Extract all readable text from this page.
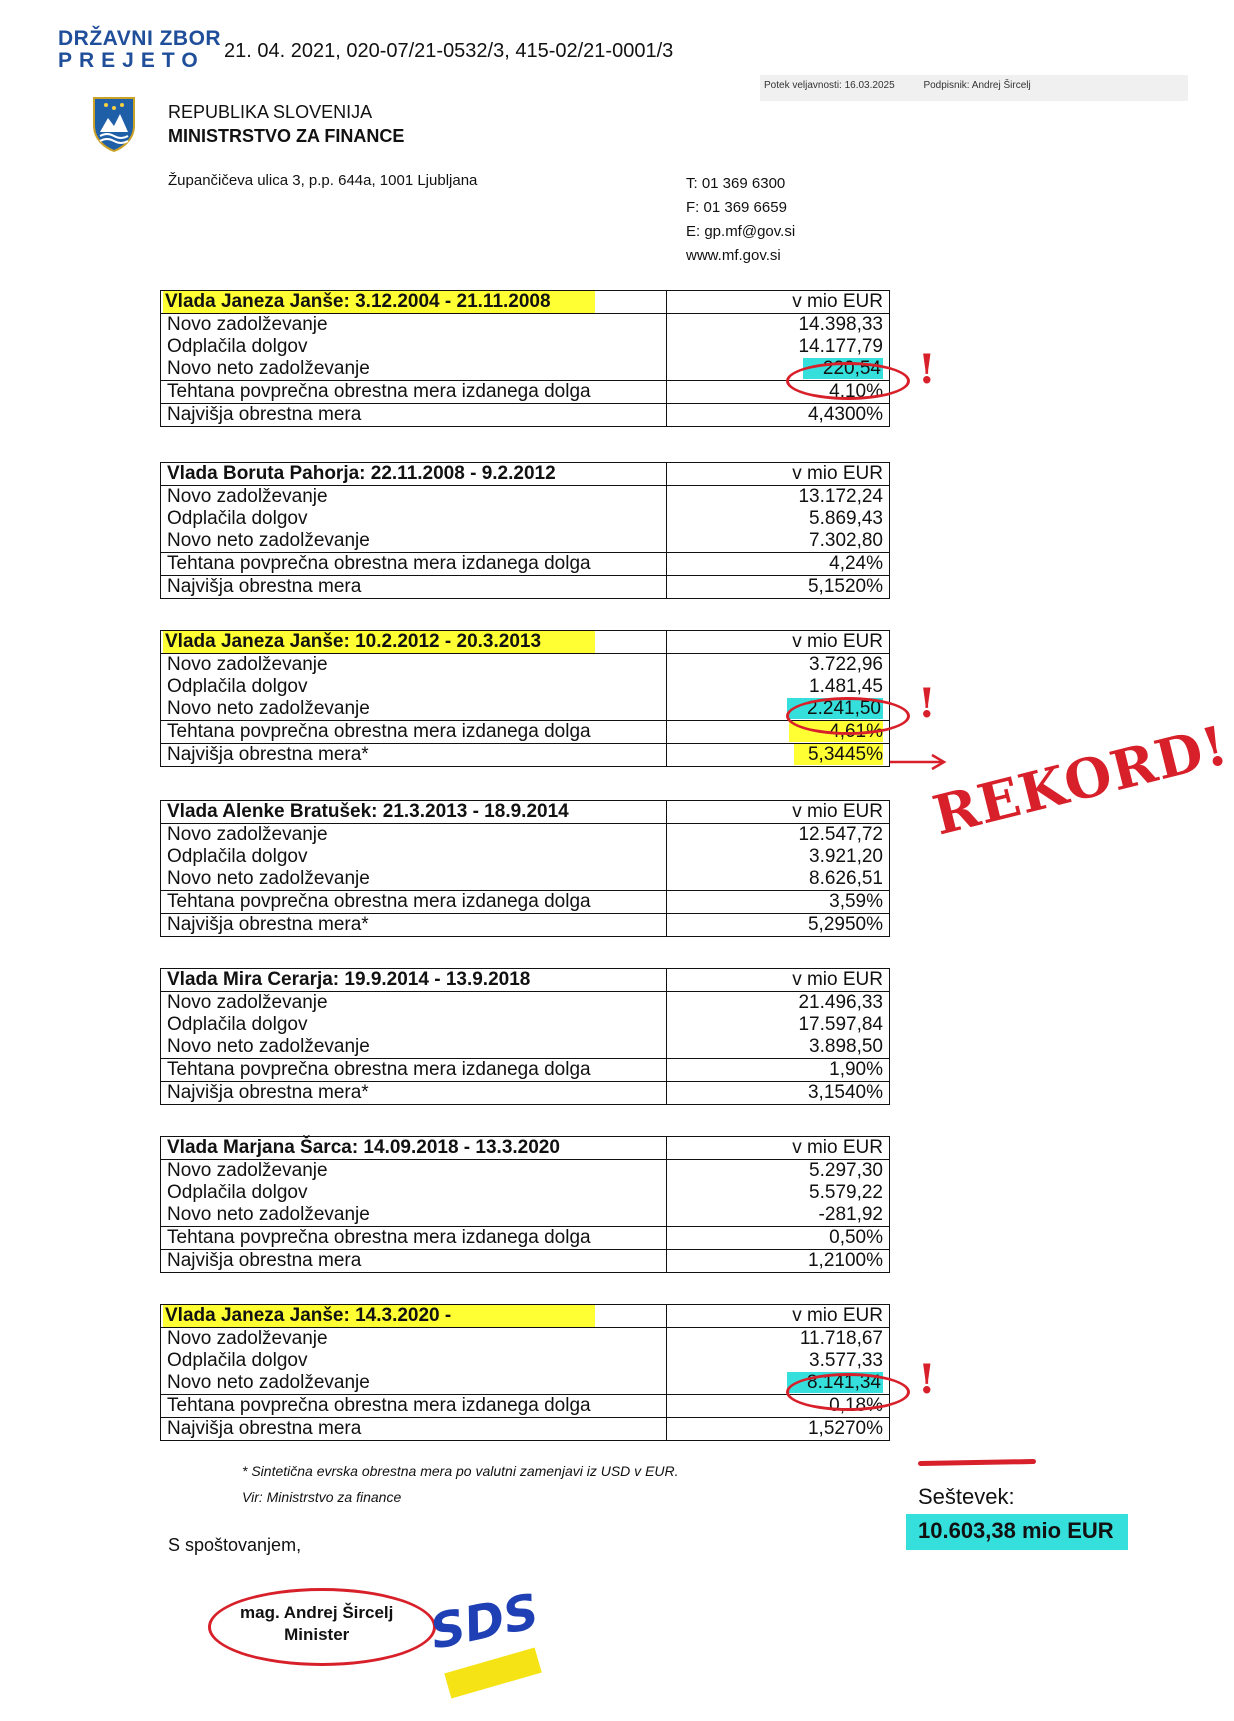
DRŽAVNI ZBOR
PREJETO 21. 04. 2021, 020-07/21-0532/3, 415-02/21-0001/3
Potek veljavnosti: 16.03.2025	Podpisnik: Andrej Šircelj
REPUBLIKA SLOVENIJA
MINISTRSTVO ZA FINANCE
Župančičeva ulica 3, p.p. 644a, 1001 Ljubljana	T: 01 369 6300
F: 01 369 6659
E: gp.mf@gov.si
www.mf.gov.si
Vlada Janeza Janše: 3.12.2004 - 21.11.2008	v mio EUR
Novo zadolževanje	14.398,33
Odplačila dolgov	14.177,79
Novo neto zadolževanje	220,54
Tehtana povprečna obrestna mera izdanega dolga	4,10%
Najvišja obrestna mera	4,4300%
Vlada Boruta Pahorja: 22.11.2008 - 9.2.2012	v mio EUR
Novo zadolževanje	13.172,24
Odplačila dolgov	5.869,43
Novo neto zadolževanje	7.302,80
Tehtana povprečna obrestna mera izdanega dolga	4,24%
Najvišja obrestna mera	5,1520%
Vlada Janeza Janše: 10.2.2012 - 20.3.2013	v mio EUR
Novo zadolževanje	3.722,96
Odplačila dolgov	1.481,45
Novo neto zadolževanje	2.241,50
Tehtana povprečna obrestna mera izdanega dolga	4,61%
Najvišja obrestna mera*	5,3445%
Vlada Alenke Bratušek: 21.3.2013 - 18.9.2014	v mio EUR
Novo zadolževanje	12.547,72
Odplačila dolgov	3.921,20
Novo neto zadolževanje	8.626,51
Tehtana povprečna obrestna mera izdanega dolga	3,59%
Najvišja obrestna mera*	5,2950%
Vlada Mira Cerarja: 19.9.2014 - 13.9.2018	v mio EUR
Novo zadolževanje	21.496,33
Odplačila dolgov	17.597,84
Novo neto zadolževanje	3.898,50
Tehtana povprečna obrestna mera izdanega dolga	1,90%
Najvišja obrestna mera*	3,1540%
Vlada Marjana Šarca: 14.09.2018 - 13.3.2020	v mio EUR
Novo zadolževanje	5.297,30
Odplačila dolgov	5.579,22
Novo neto zadolževanje	-281,92
Tehtana povprečna obrestna mera izdanega dolga	0,50%
Najvišja obrestna mera	1,2100%
Vlada Janeza Janše: 14.3.2020 -	v mio EUR
Novo zadolževanje	11.718,67
Odplačila dolgov	3.577,33
Novo neto zadolževanje	8.141,34
Tehtana povprečna obrestna mera izdanega dolga	0,18%
Najvišja obrestna mera	1,5270%
!
!
!
REKORD!
* Sintetična evrska obrestna mera po valutni zamenjavi iz USD v EUR.
Vir: Ministrstvo za finance	Seštevek:
10.603,38 mio EUR
S spoštovanjem,
mag. Andrej Šircelj
Minister	SDS
